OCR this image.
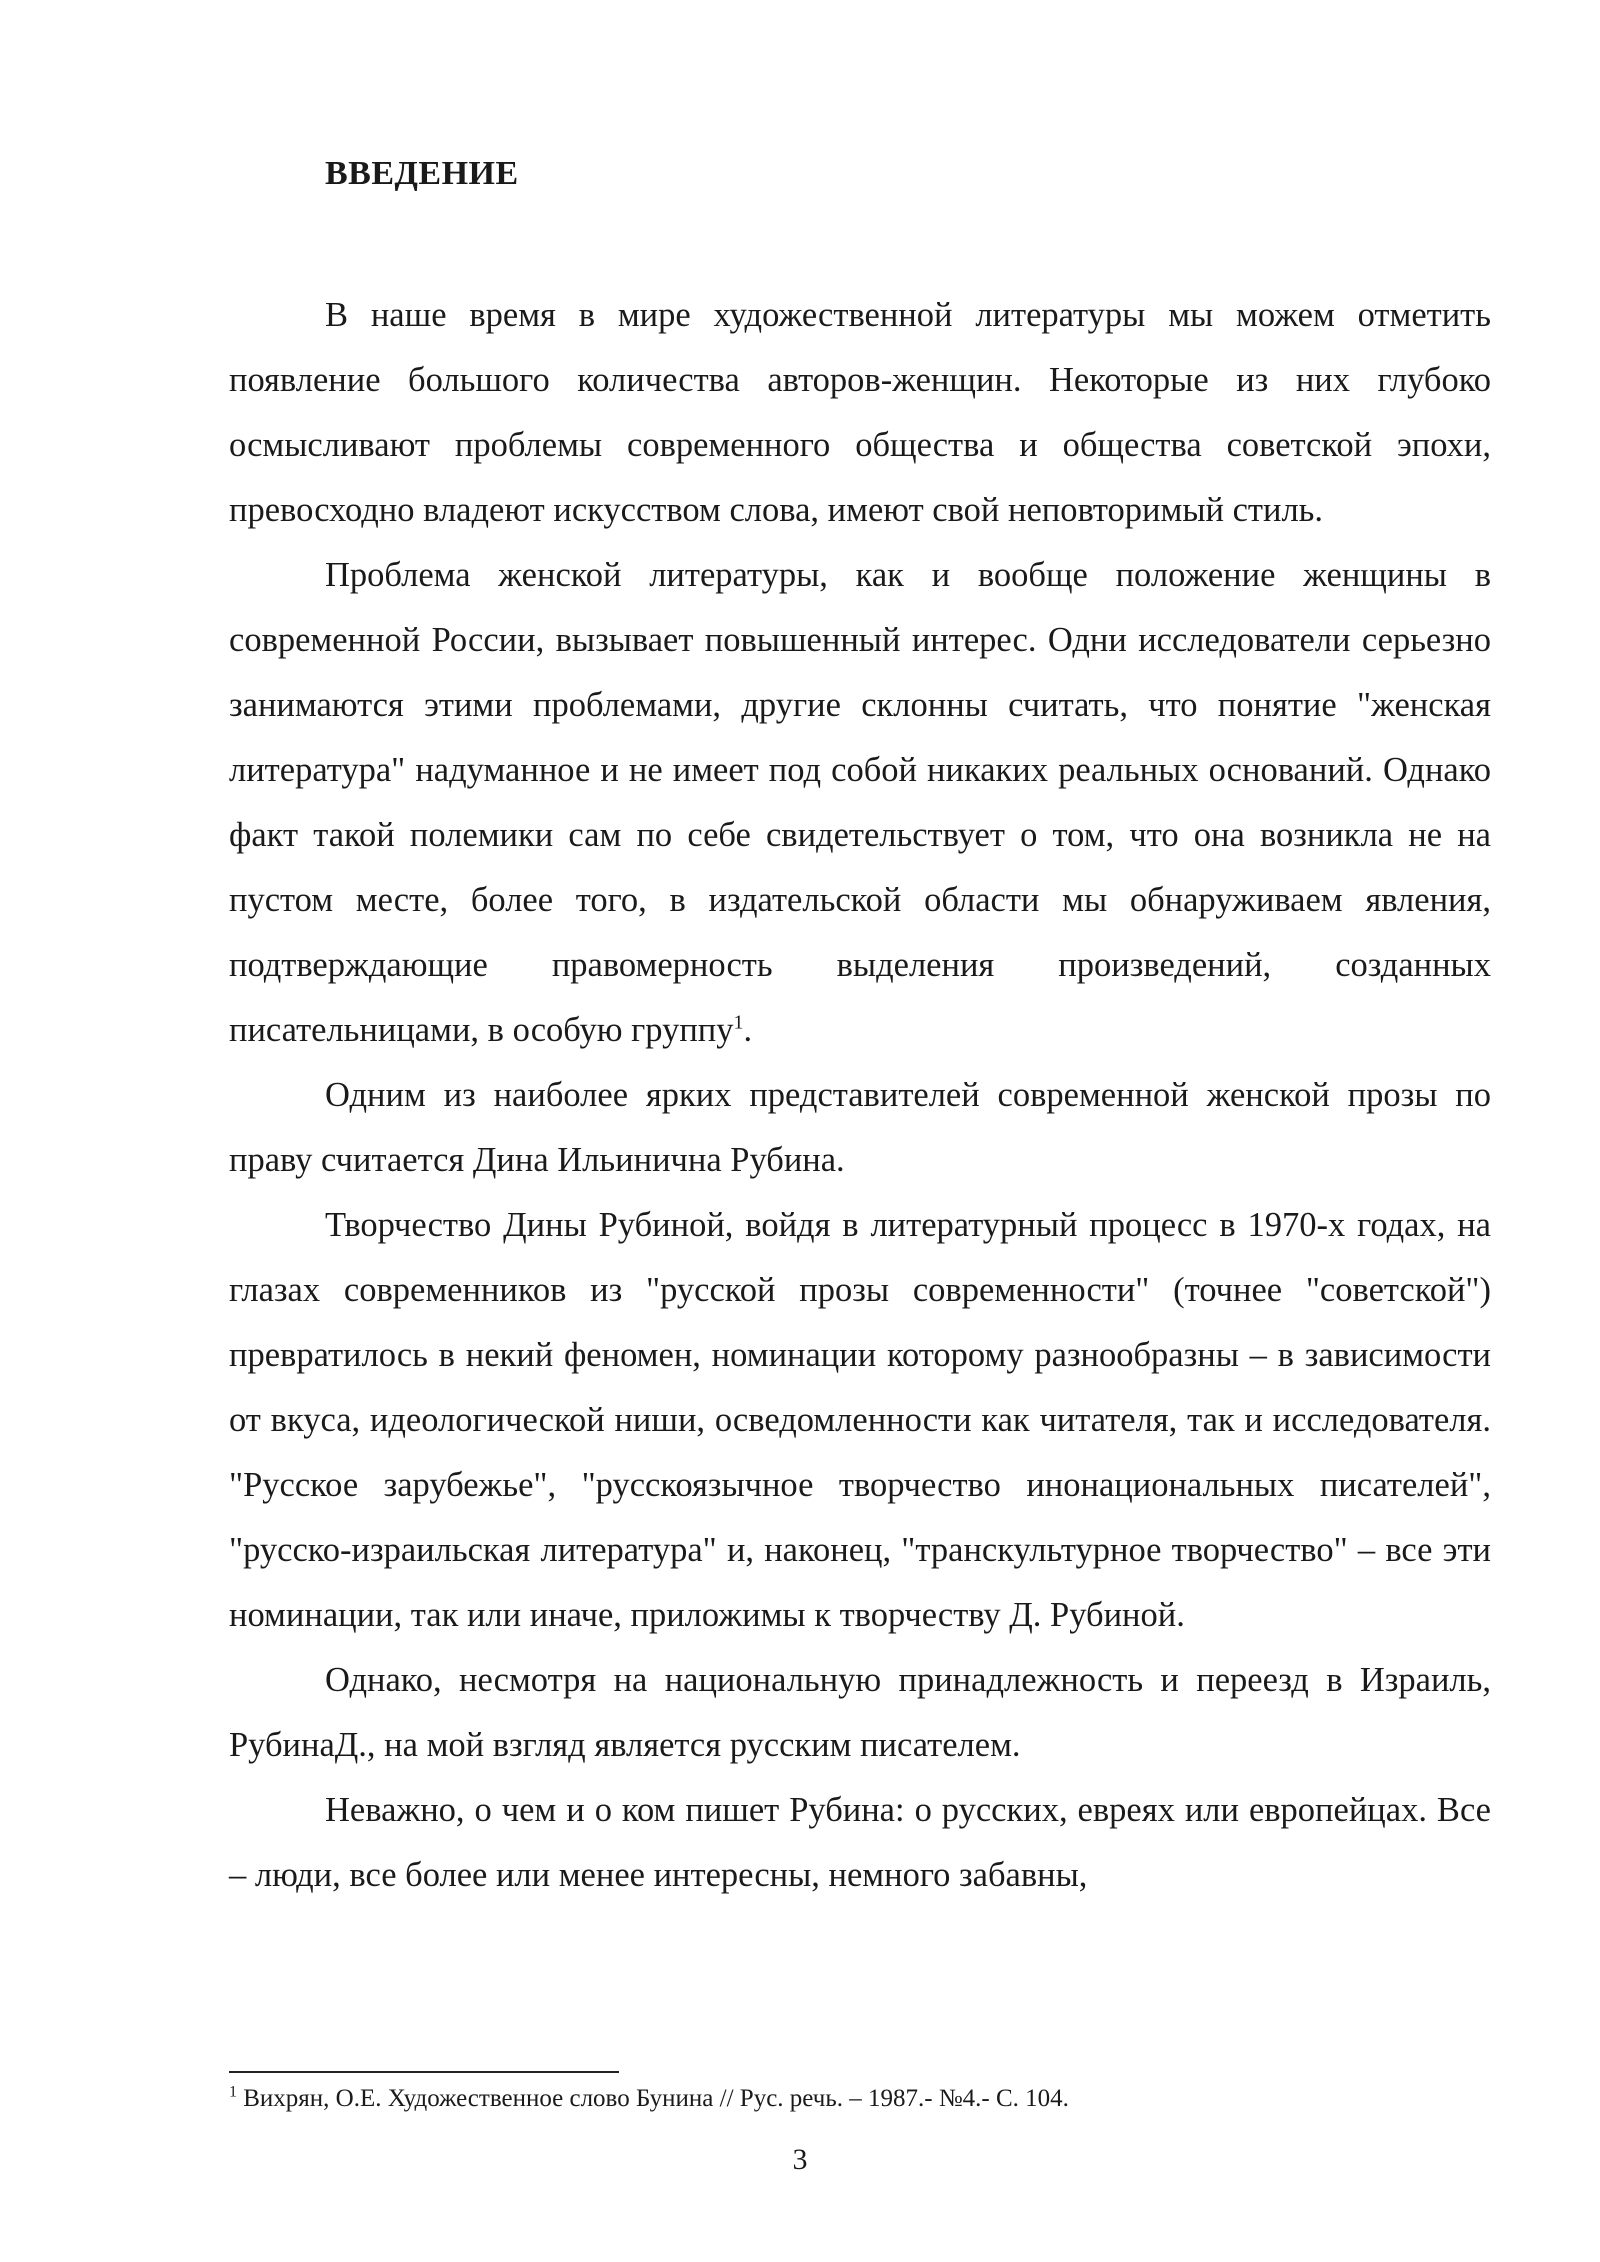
ВВЕДЕНИЕ

В наше время в мире художественной литературы мы можем отметить появление большого количества авторов-женщин. Некоторые из них глубоко осмысливают проблемы современного общества и общества советской эпохи, превосходно владеют искусством слова, имеют свой неповторимый стиль.

Проблема женской литературы, как и вообще положение женщины в современной России, вызывает повышенный интерес. Одни исследователи серьезно занимаются этими проблемами, другие склонны считать, что понятие "женская литература" надуманное и не имеет под собой никаких реальных оснований. Однако факт такой полемики сам по себе свидетельствует о том, что она возникла не на пустом месте, более того, в издательской области мы обнаруживаем явления, подтверждающие правомерность выделения произведений, созданных писательницами, в особую группу$^1$.

Одним из наиболее ярких представителей современной женской прозы по праву считается Дина Ильинична Рубина.

Творчество Дины Рубиной, войдя в литературный процесс в 1970-х годах, на глазах современников из "русской прозы современности" (точнее "советской") превратилось в некий феномен, номинации которому разнообразны – в зависимости от вкуса, идеологической ниши, осведомленности как читателя, так и исследователя. "Русское зарубежье", "русскоязычное творчество инонациональных писателей", "русско-израильская литература" и, наконец, "транскультурное творчество" – все эти номинации, так или иначе, приложимы к творчеству Д. Рубиной.

Однако, несмотря на национальную принадлежность и переезд в Израиль, РубинаД., на мой взгляд является русским писателем.

Неважно, о чем и о ком пишет Рубина: о русских, евреях или европейцах. Все – люди, все более или менее интересны, немного забавны,

$^1$ Вихрян, О.Е. Художественное слово Бунина // Рус. речь. – 1987.- №4.- С. 104.
3
